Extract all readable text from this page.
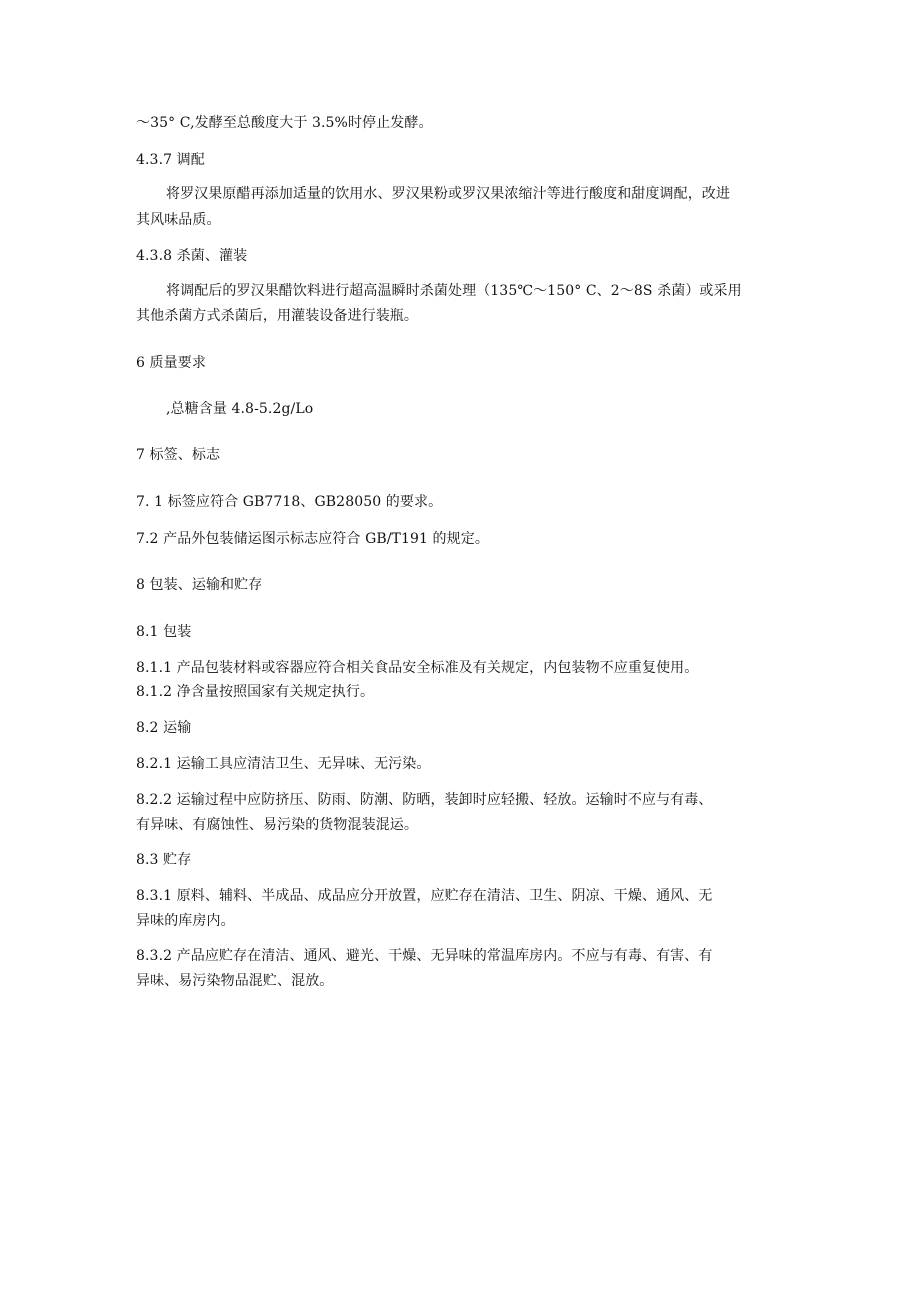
～35° C,发酵至总酸度大于 3.5%时停止发酵。
4.3.7 调配
将罗汉果原醋再添加适量的饮用水、罗汉果粉或罗汉果浓缩汁等进行酸度和甜度调配，改进
其风味品质。
4.3.8 杀菌、灌装
将调配后的罗汉果醋饮料进行超高温瞬时杀菌处理（135℃～150° C、2～8S 杀菌）或采用
其他杀菌方式杀菌后，用灌装设备进行装瓶。
6 质量要求
,总糖含量 4.8-5.2g/Lo
7 标签、标志
7. 1 标签应符合 GB7718、GB28050 的要求。
7.2 产品外包装储运图示标志应符合 GB/T191 的规定。
8 包装、运输和贮存
8.1 包装
8.1.1 产品包装材料或容器应符合相关食品安全标准及有关规定，内包装物不应重复使用。
8.1.2 净含量按照国家有关规定执行。
8.2 运输
8.2.1 运输工具应清洁卫生、无异味、无污染。
8.2.2 运输过程中应防挤压、防雨、防潮、防晒，装卸时应轻搬、轻放。运输时不应与有毒、
有异味、有腐蚀性、易污染的货物混装混运。
8.3 贮存
8.3.1 原料、辅料、半成品、成品应分开放置，应贮存在清洁、卫生、阴凉、干燥、通风、无
异味的库房内。
8.3.2 产品应贮存在清洁、通风、避光、干燥、无异味的常温库房内。不应与有毒、有害、有
异味、易污染物品混贮、混放。
